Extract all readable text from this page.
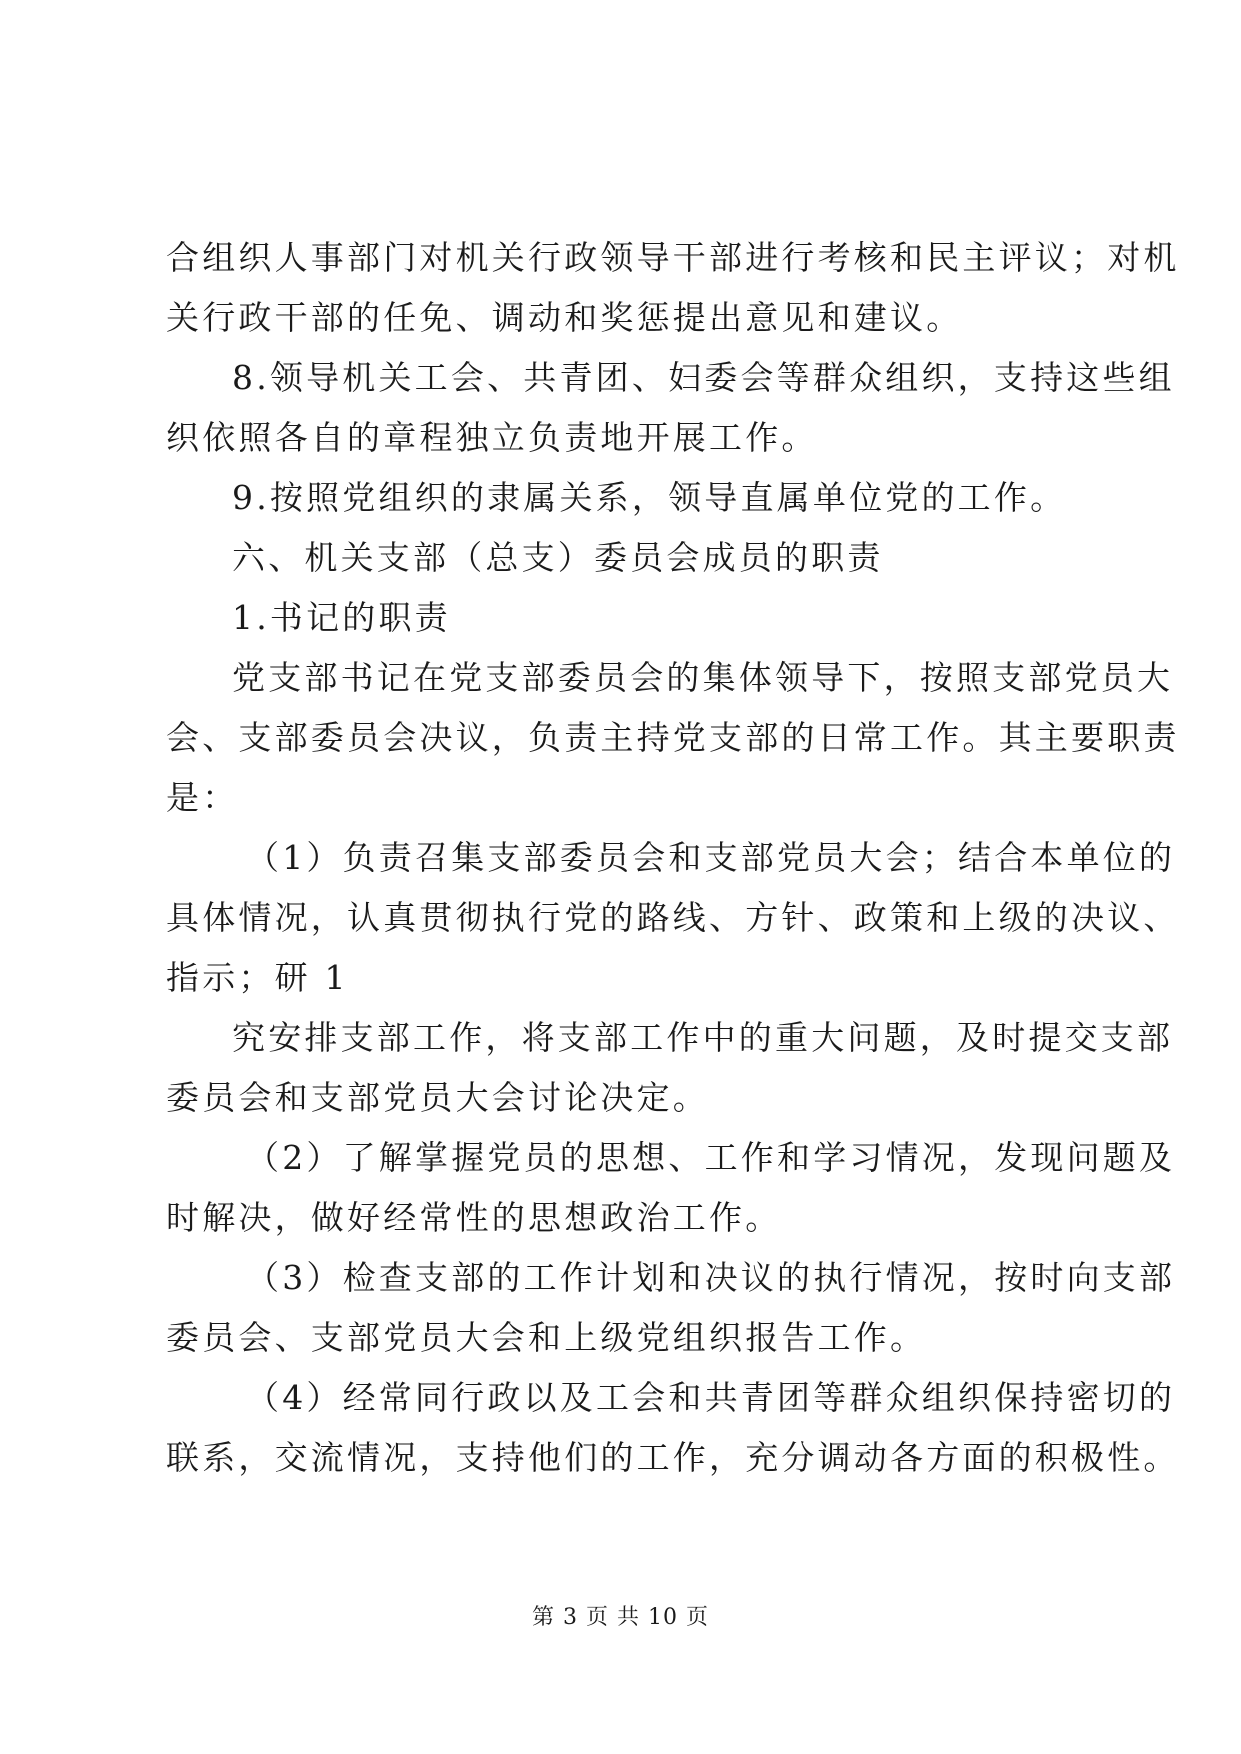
合组织人事部门对机关行政领导干部进行考核和民主评议；对机
关行政干部的任免、调动和奖惩提出意见和建议。
8.领导机关工会、共青团、妇委会等群众组织，支持这些组
织依照各自的章程独立负责地开展工作。
9.按照党组织的隶属关系，领导直属单位党的工作。
六、机关支部（总支）委员会成员的职责
1.书记的职责
党支部书记在党支部委员会的集体领导下，按照支部党员大
会、支部委员会决议，负责主持党支部的日常工作。其主要职责
是：
（1）负责召集支部委员会和支部党员大会；结合本单位的
具体情况，认真贯彻执行党的路线、方针、政策和上级的决议、
指示；研 1
究安排支部工作，将支部工作中的重大问题，及时提交支部
委员会和支部党员大会讨论决定。
（2）了解掌握党员的思想、工作和学习情况，发现问题及
时解决，做好经常性的思想政治工作。
（3）检查支部的工作计划和决议的执行情况，按时向支部
委员会、支部党员大会和上级党组织报告工作。
（4）经常同行政以及工会和共青团等群众组织保持密切的
联系，交流情况，支持他们的工作，充分调动各方面的积极性。
第 3 页 共 10 页
